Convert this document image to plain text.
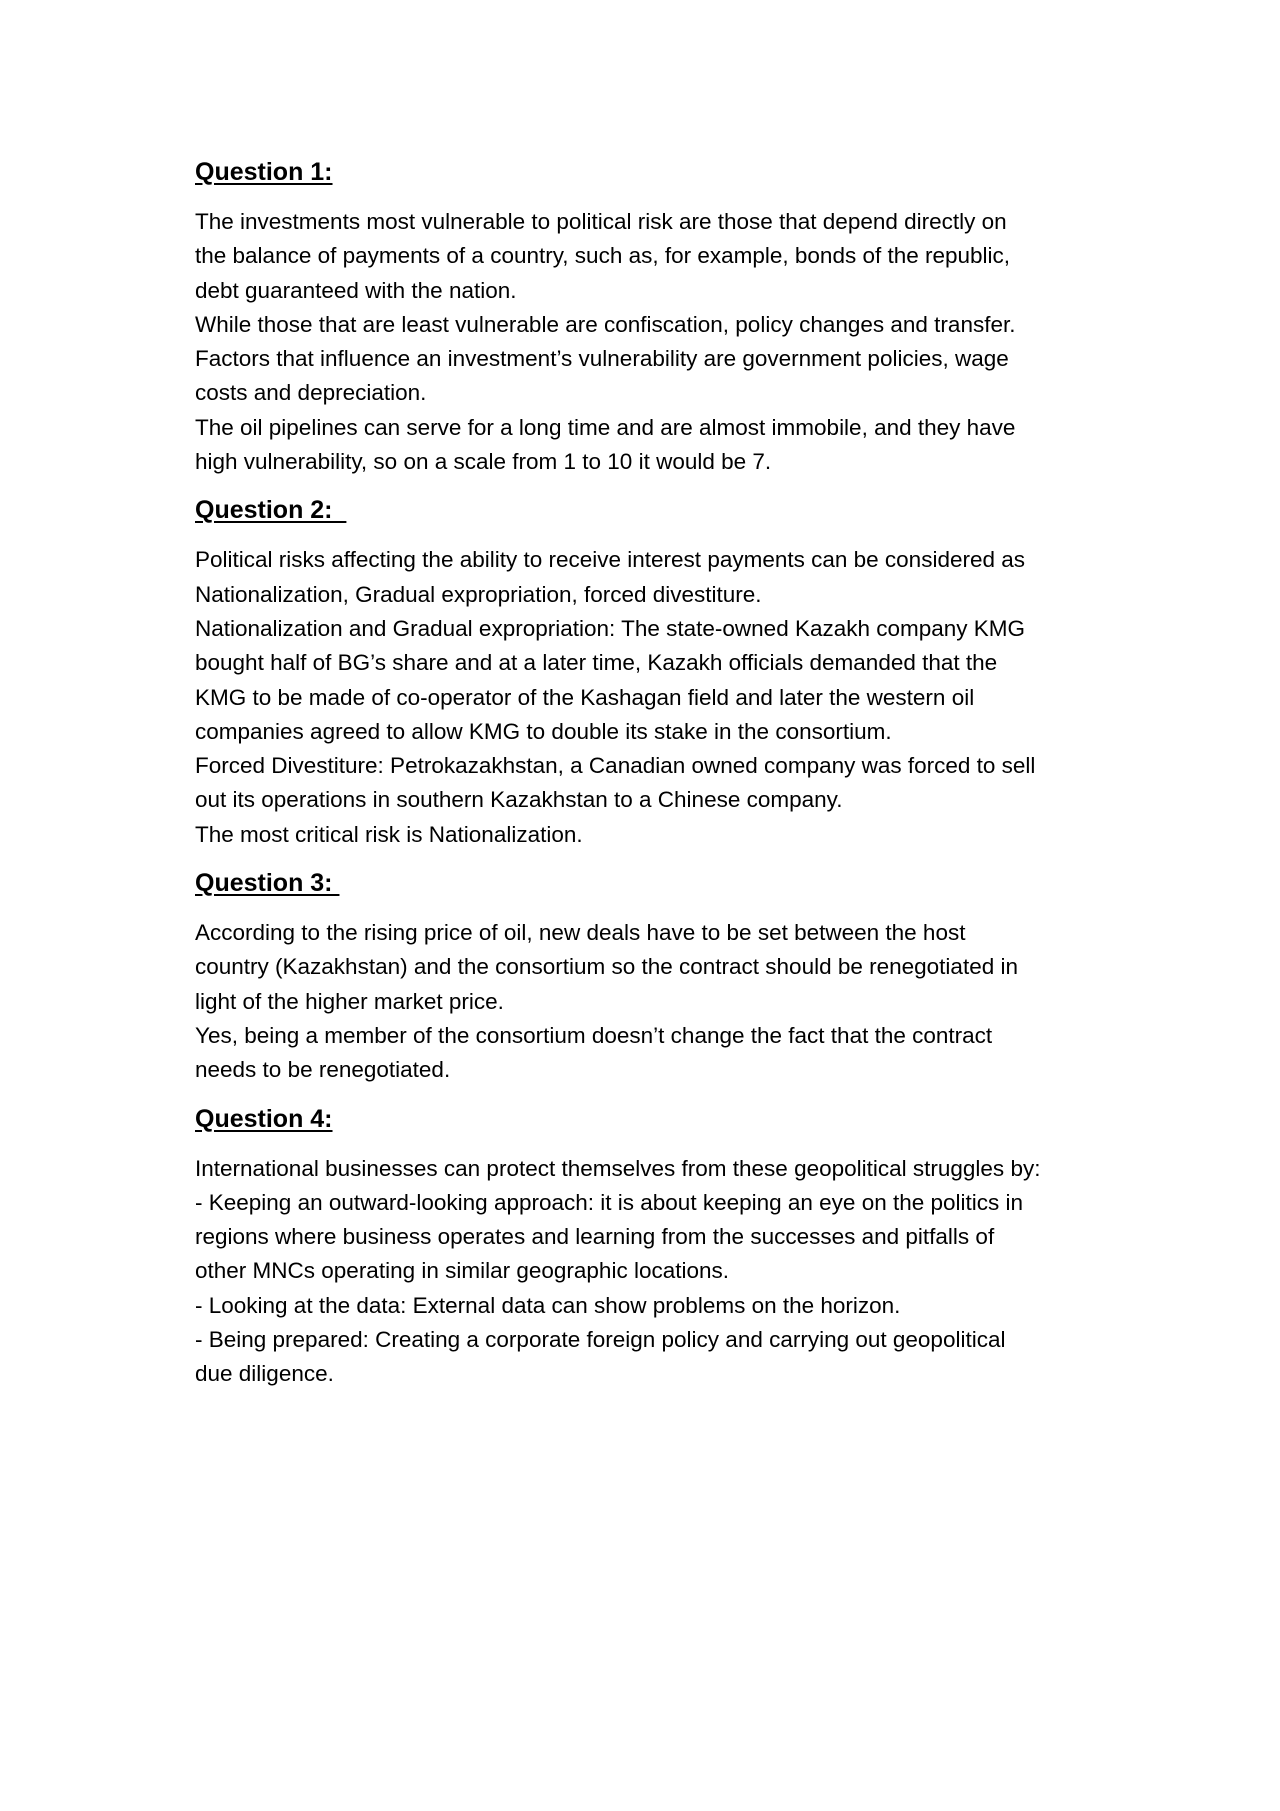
Question 1:
The investments most vulnerable to political risk are those that depend directly on
the balance of payments of a country, such as, for example, bonds of the republic,
debt guaranteed with the nation.
While those that are least vulnerable are confiscation, policy changes and transfer.
Factors that influence an investment’s vulnerability are government policies, wage
costs and depreciation.
The oil pipelines can serve for a long time and are almost immobile, and they have
high vulnerability, so on a scale from 1 to 10 it would be 7.
Question 2:
Political risks affecting the ability to receive interest payments can be considered as
Nationalization, Gradual expropriation, forced divestiture.
Nationalization and Gradual expropriation: The state-owned Kazakh company KMG
bought half of BG’s share and at a later time, Kazakh officials demanded that the
KMG to be made of co-operator of the Kashagan field and later the western oil
companies agreed to allow KMG to double its stake in the consortium.
Forced Divestiture: Petrokazakhstan, a Canadian owned company was forced to sell
out its operations in southern Kazakhstan to a Chinese company.
The most critical risk is Nationalization.
Question 3:
According to the rising price of oil, new deals have to be set between the host
country (Kazakhstan) and the consortium so the contract should be renegotiated in
light of the higher market price.
Yes, being a member of the consortium doesn’t change the fact that the contract
needs to be renegotiated.
Question 4:
International businesses can protect themselves from these geopolitical struggles by:
- Keeping an outward-looking approach: it is about keeping an eye on the politics in
regions where business operates and learning from the successes and pitfalls of
other MNCs operating in similar geographic locations.
- Looking at the data: External data can show problems on the horizon.
- Being prepared: Creating a corporate foreign policy and carrying out geopolitical
due diligence.
